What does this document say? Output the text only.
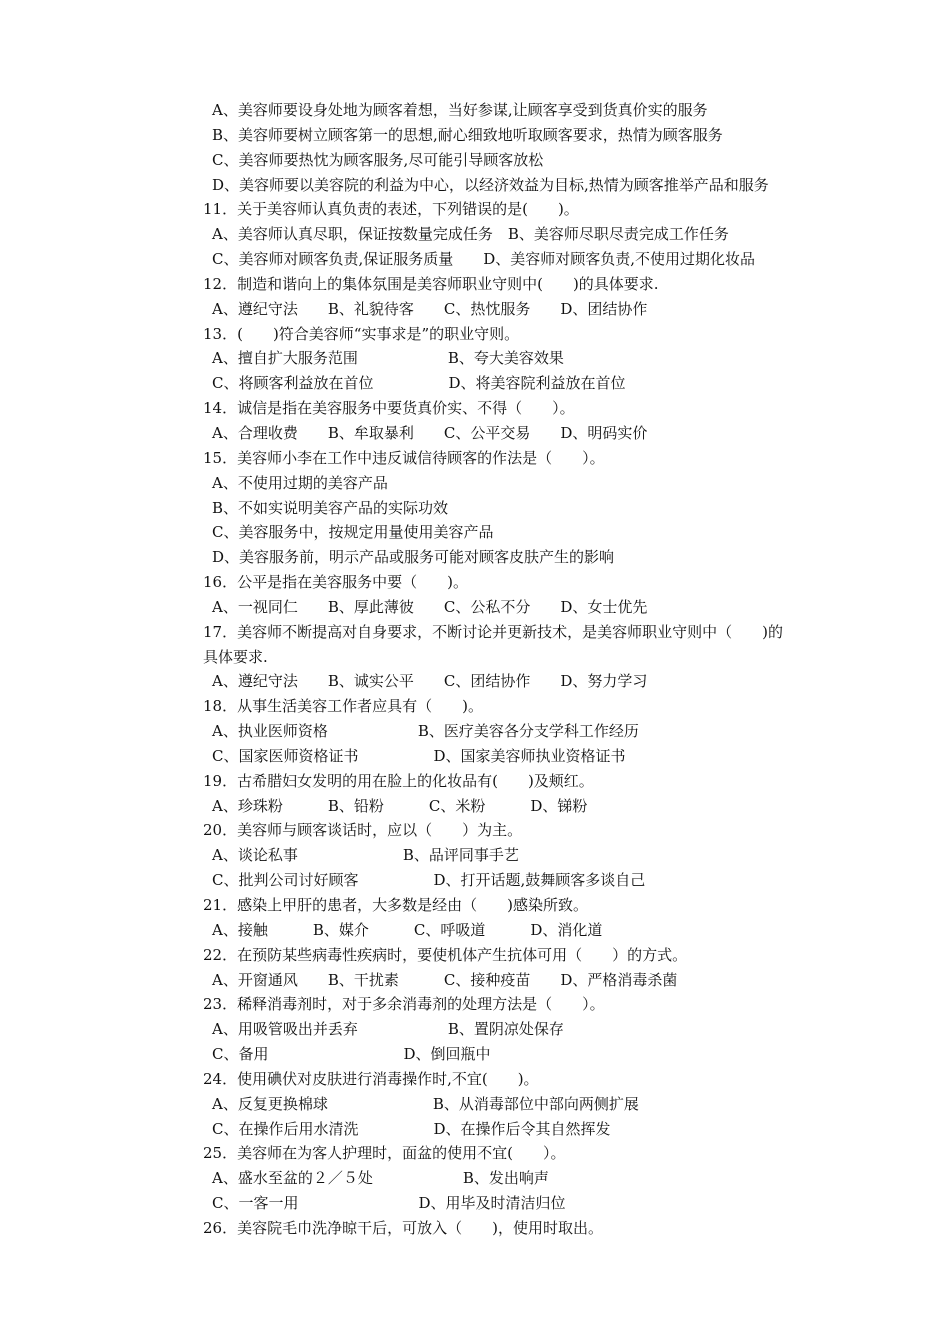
A、美容师要设身处地为顾客着想，当好参谋,让顾客享受到货真价实的服务
B、美容师要树立顾客第一的思想,耐心细致地听取顾客要求，热情为顾客服务
C、美容师要热忱为顾客服务,尽可能引导顾客放松
D、美容师要以美容院的利益为中心，以经济效益为目标,热情为顾客推举产品和服务
11．关于美容师认真负责的表述，下列错误的是(　　)。
A、美容师认真尽职，保证按数量完成任务　B、美容师尽职尽责完成工作任务
C、美容师对顾客负责,保证服务质量　　D、美容师对顾客负责,不使用过期化妆品
12．制造和谐向上的集体氛围是美容师职业守则中(　　)的具体要求.
A、遵纪守法　　B、礼貌待客　　C、热忱服务　　D、团结协作
13．(　　)符合美容师“实事求是”的职业守则。
A、擅自扩大服务范围　　　　　　B、夸大美容效果
C、将顾客利益放在首位　　　　　D、将美容院利益放在首位
14．诚信是指在美容服务中要货真价实、不得（　　）。
A、合理收费　　B、牟取暴利　　C、公平交易　　D、明码实价
15．美容师小李在工作中违反诚信待顾客的作法是（　　）。
A、不使用过期的美容产品
B、不如实说明美容产品的实际功效
C、美容服务中，按规定用量使用美容产品
D、美容服务前，明示产品或服务可能对顾客皮肤产生的影响
16．公平是指在美容服务中要（　　)。
A、一视同仁　　B、厚此薄彼　　C、公私不分　　D、女士优先
17．美容师不断提高对自身要求，不断讨论并更新技术，是美容师职业守则中（　　)的
具体要求.
A、遵纪守法　　B、诚实公平　　C、团结协作　　D、努力学习
18．从事生活美容工作者应具有（　　)。
A、执业医师资格　　　　　　B、医疗美容各分支学科工作经历
C、国家医师资格证书　　　　　D、国家美容师执业资格证书
19．古希腊妇女发明的用在脸上的化妆品有(　　)及颊红。
A、珍珠粉　　　B、铅粉　　　C、米粉　　　D、锑粉
20．美容师与顾客谈话时，应以（　　）为主。
A、谈论私事　　　　　　　B、品评同事手艺
C、批判公司讨好顾客　　　　　D、打开话题,鼓舞顾客多谈自己
21．感染上甲肝的患者，大多数是经由（　　)感染所致。
A、接触　　　B、媒介　　　C、呼吸道　　　D、消化道
22．在预防某些病毒性疾病时，要使机体产生抗体可用（　　）的方式。
A、开窗通风　　B、干扰素　　　C、接种疫苗　　D、严格消毒杀菌
23．稀释消毒剂时，对于多余消毒剂的处理方法是（　　）。
A、用吸管吸出并丢弃　　　　　　B、置阴凉处保存
C、备用　　　　　　　　　D、倒回瓶中
24．使用碘伏对皮肤进行消毒操作时,不宜(　　)。
A、反复更换棉球　　　　　　　B、从消毒部位中部向两侧扩展
C、在操作后用水清洗　　　　　D、在操作后令其自然挥发
25．美容师在为客人护理时，面盆的使用不宜(　　）。
A、盛水至盆的２／５处　　　　　　B、发出响声
C、一客一用　　　　　　　　D、用毕及时清洁归位
26．美容院毛巾洗净晾干后，可放入（　　)，使用时取出。
